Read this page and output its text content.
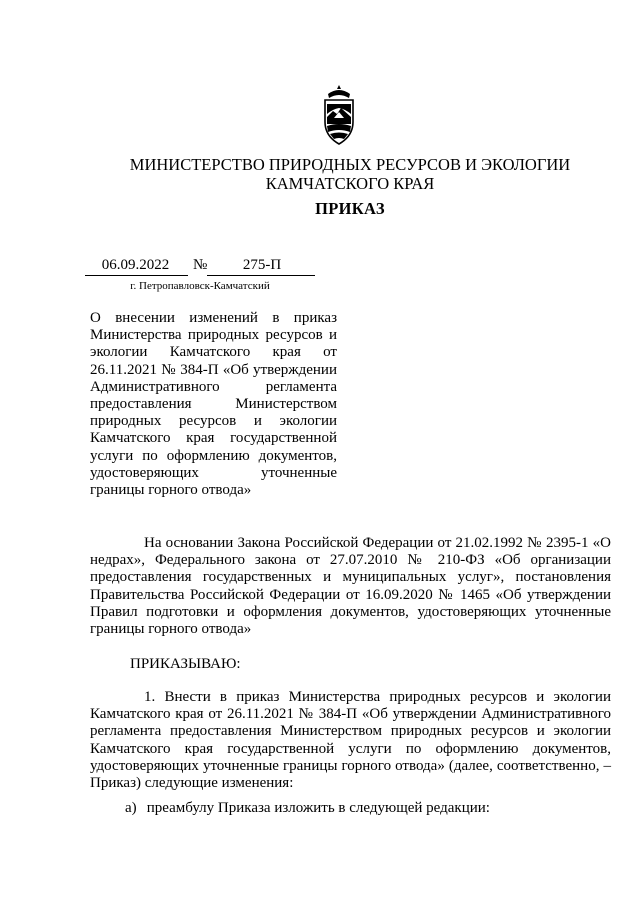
МИНИСТЕРСТВО ПРИРОДНЫХ РЕСУРСОВ И ЭКОЛОГИИ
КАМЧАТСКОГО КРАЯ
ПРИКАЗ
06.09.2022	№	275-П
г. Петропавловск-Камчатский
О внесении изменений в приказ Министерства природных ресурсов и экологии Камчатского края от 26.11.2021 № 384-П «Об утверждении Административного регламента предоставления Министерством природных ресурсов и экологии Камчатского края государственной услуги по оформлению документов, удостоверяющих уточненные
границы горного отвода»
На основании Закона Российской Федерации от 21.02.1992 № 2395-1 «О недрах», Федерального закона от 27.07.2010 № 210-ФЗ «Об организации предоставления государственных и муниципальных услуг», постановления Правительства Российской Федерации от 16.09.2020 № 1465 «Об утверждении Правил подготовки и оформления документов, удостоверяющих уточненные границы горного отвода»
ПРИКАЗЫВАЮ:
1. Внести в приказ Министерства природных ресурсов и экологии Камчатского края от 26.11.2021 № 384-П «Об утверждении Административного регламента предоставления Министерством природных ресурсов и экологии Камчатского края государственной услуги по оформлению документов, удостоверяющих уточненные границы горного отвода» (далее, соответственно, – Приказ) следующие изменения:
а) преамбулу Приказа изложить в следующей редакции:
